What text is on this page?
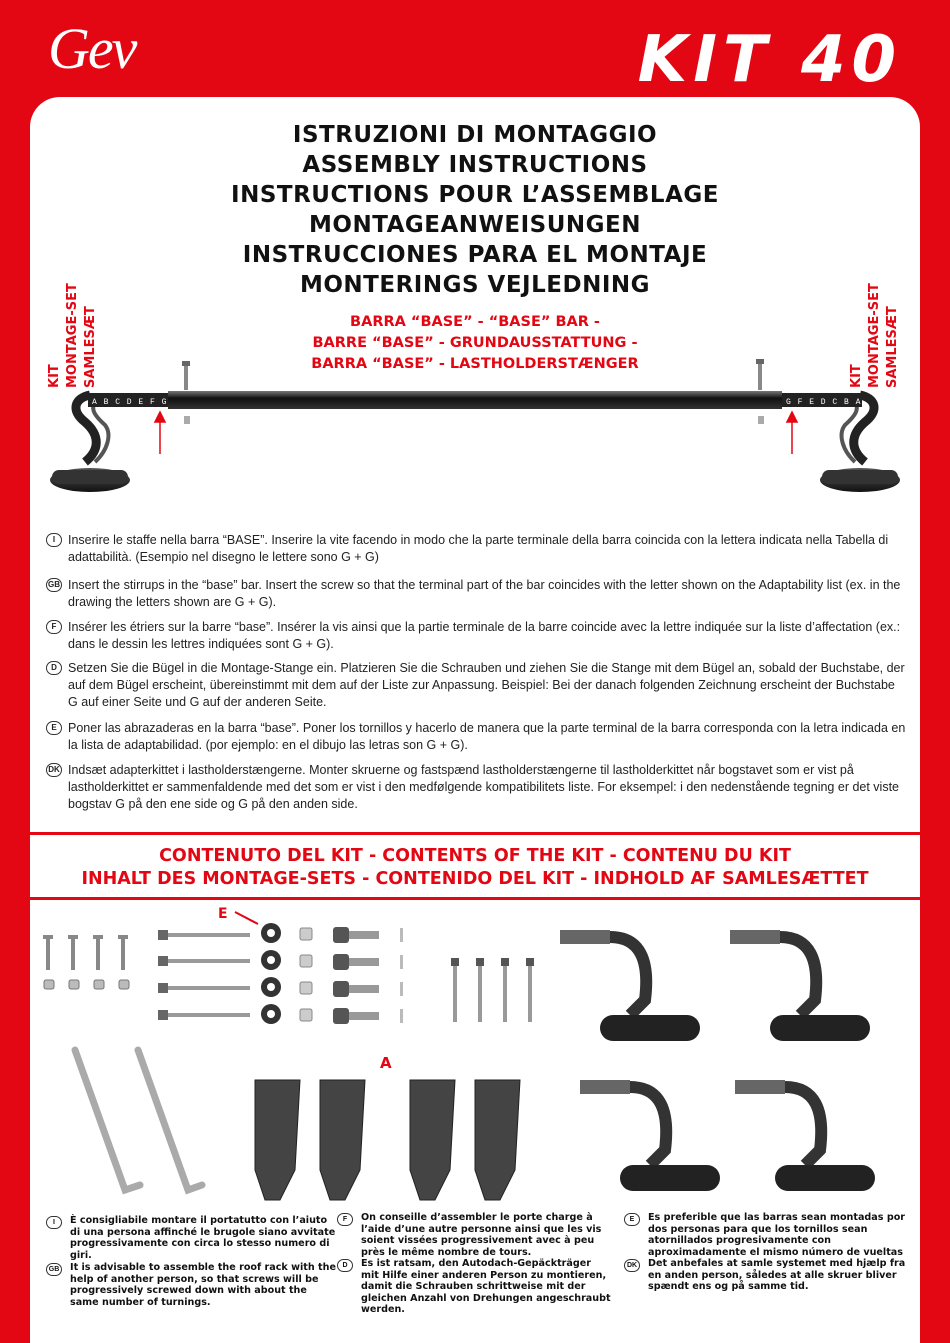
Gev	KIT 40
ISTRUZIONI DI MONTAGGIO
ASSEMBLY INSTRUCTIONS
INSTRUCTIONS POUR L’ASSEMBLAGE
MONTAGEANWEISUNGEN
INSTRUCCIONES PARA EL MONTAJE
MONTERINGS VEJLEDNING
BARRA “BASE” - “BASE” BAR -
BARRE “BASE” - GRUNDAUSSTATTUNG -
BARRA “BASE” - LASTHOLDERSTÆNGER
KIT MONTAGE-SET SAMLESÆT	KIT MONTAGE-SET SAMLESÆT
A B C D E F G	G F E D C B A
I	Inserire le staffe nella barra “BASE”. Inserire la vite facendo in modo che la parte terminale della barra coincida con la lettera indicata nella Tabella di adattabilità. (Esempio nel disegno le lettere sono G + G)
GB Insert the stirrups in the “base” bar. Insert the screw so that the terminal part of the bar coincides with the letter shown on the Adaptability list (ex. in the drawing the letters shown are G + G).
F Insérer les étriers sur la barre “base”. Insérer la vis ainsi que la partie terminale de la barre coincide avec la lettre indiquée sur la liste d’affectation (ex.: dans le dessin les lettres indiquées sont G + G).
D Setzen Sie die Bügel in die Montage-Stange ein. Platzieren Sie die Schrauben und ziehen Sie die Stange mit dem Bügel an, sobald der Buchstabe, der auf dem Bügel erscheint, übereinstimmt mit dem auf der Liste zur Anpassung. Beispiel: Bei der danach folgenden Zeichnung erscheint der Buchstabe G auf einer Seite und G auf der anderen Seite.
E Poner las abrazaderas en la barra “base”. Poner los tornillos y hacerlo de manera que la parte terminal de la barra corresponda con la letra indicada en la lista de adaptabilidad. (por ejemplo: en el dibujo las letras son G + G).
DK Indsæt adapterkittet i lastholderstængerne. Monter skruerne og fastspænd lastholderstængerne til lastholderkittet når bogstavet som er vist på lastholderkittet er sammenfaldende med det som er vist i den medfølgende kompatibilitets liste. For eksempel: i den nedenstående tegning er det viste bogstav G på den ene side og G på den anden side.
CONTENUTO DEL KIT - CONTENTS OF THE KIT - CONTENU DU KIT
INHALT DES MONTAGE-SETS - CONTENIDO DEL KIT - INDHOLD AF SAMLESÆTTET
E
A
I	È consigliabile montare il portatutto con l’aiuto di una persona affinché le brugole siano avvitate progressivamente con circa lo stesso numero di giri.
GB It is advisable to assemble the roof rack with the help of another person, so that screws will be progressively screwed down with about the same number of turnings.
F	On conseille d’assembler le porte charge à l’aide d’une autre personne ainsi que les vis soient vissées progressivement avec à peu près le même nombre de tours.
D	Es ist ratsam, den Autodach-Gepäckträger mit Hilfe einer anderen Person zu montieren, damit die Schrauben schrittweise mit der gleichen Anzahl von Drehungen angeschraubt werden.
E	Es preferible que las barras sean montadas por dos personas para que los tornillos sean atornillados progresivamente con aproximadamente el mismo número de vueltas
DK	Det anbefales at samle systemet med hjælp fra en anden person, således at alle skruer bliver spændt ens og på samme tid.
